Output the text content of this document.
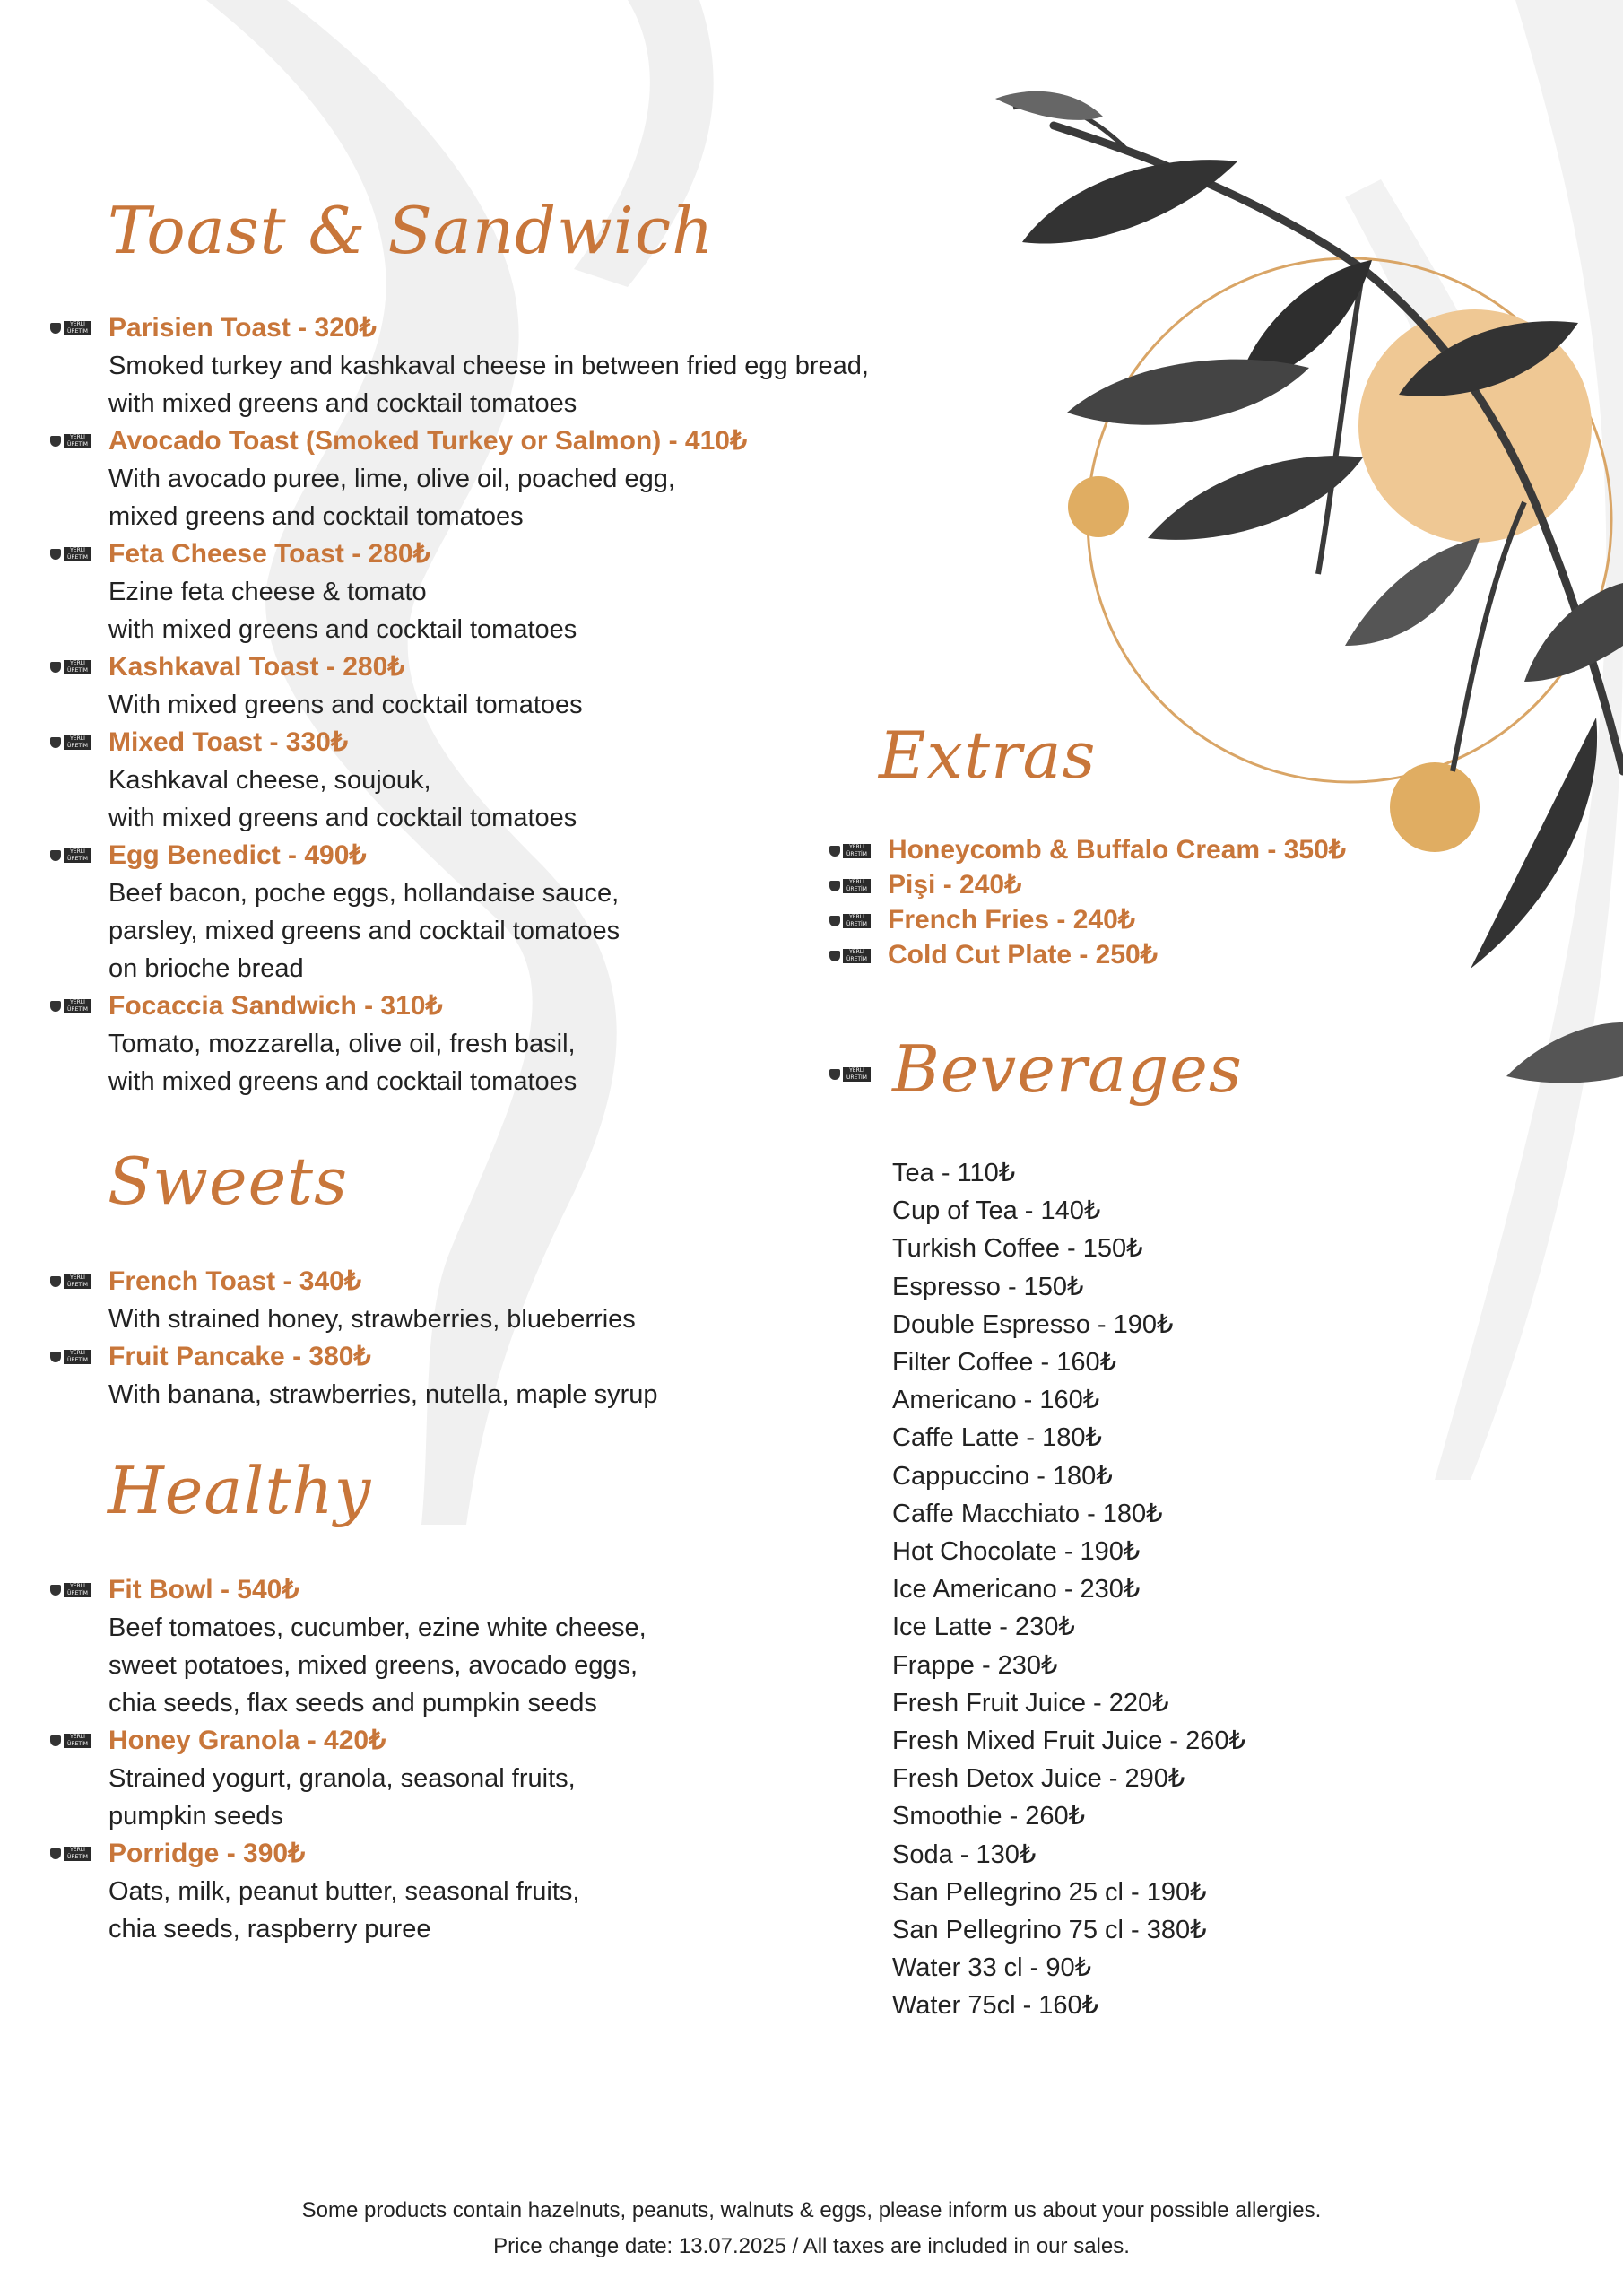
Toast & Sandwich
YERLİ
ÜRETİM Parisien Toast - 320₺
Smoked turkey and kashkaval cheese in between fried egg bread,
with mixed greens and cocktail tomatoes
YERLİ
ÜRETİM Avocado Toast (Smoked Turkey or Salmon) - 410₺
With avocado puree, lime, olive oil, poached egg,
mixed greens and cocktail tomatoes
YERLİ
ÜRETİM Feta Cheese Toast - 280₺
Ezine feta cheese & tomato
with mixed greens and cocktail tomatoes
YERLİ
ÜRETİM Kashkaval Toast - 280₺
With mixed greens and cocktail tomatoes
YERLİ
ÜRETİM Mixed Toast - 330₺
Kashkaval cheese, soujouk,
with mixed greens and cocktail tomatoes
YERLİ
ÜRETİM Egg Benedict - 490₺
Beef bacon, poche eggs, hollandaise sauce,
parsley, mixed greens and cocktail tomatoes
on brioche bread
YERLİ
ÜRETİM Focaccia Sandwich - 310₺
Tomato, mozzarella, olive oil, fresh basil,
with mixed greens and cocktail tomatoes
Sweets
YERLİ
ÜRETİM French Toast - 340₺
With strained honey, strawberries, blueberries
YERLİ
ÜRETİM Fruit Pancake - 380₺
With banana, strawberries, nutella, maple syrup
Healthy
YERLİ
ÜRETİM Fit Bowl - 540₺
Beef tomatoes, cucumber, ezine white cheese,
sweet potatoes, mixed greens, avocado eggs,
chia seeds, flax seeds and pumpkin seeds
YERLİ
ÜRETİM Honey Granola - 420₺
Strained yogurt, granola, seasonal fruits,
pumpkin seeds
YERLİ
ÜRETİM Porridge - 390₺
Oats, milk, peanut butter, seasonal fruits,
chia seeds, raspberry puree
Extras
YERLİ
ÜRETİM Honeycomb & Buffalo Cream - 350₺
YERLİ
ÜRETİM Pişi - 240₺
YERLİ
ÜRETİM French Fries - 240₺
YERLİ
ÜRETİM Cold Cut Plate - 250₺
YERLİ
ÜRETİM Beverages
Tea - 110₺
Cup of Tea - 140₺
Turkish Coffee - 150₺
Espresso - 150₺
Double Espresso - 190₺
Filter Coffee - 160₺
Americano - 160₺
Caffe Latte - 180₺
Cappuccino - 180₺
Caffe Macchiato - 180₺
Hot Chocolate - 190₺
Ice Americano - 230₺
Ice Latte - 230₺
Frappe - 230₺
Fresh Fruit Juice - 220₺
Fresh Mixed Fruit Juice - 260₺
Fresh Detox Juice - 290₺
Smoothie - 260₺
Soda - 130₺
San Pellegrino 25 cl - 190₺
San Pellegrino 75 cl - 380₺
Water 33 cl - 90₺
Water 75cl - 160₺
Some products contain hazelnuts, peanuts, walnuts & eggs, please inform us about your possible allergies.
Price change date: 13.07.2025 / All taxes are included in our sales.
